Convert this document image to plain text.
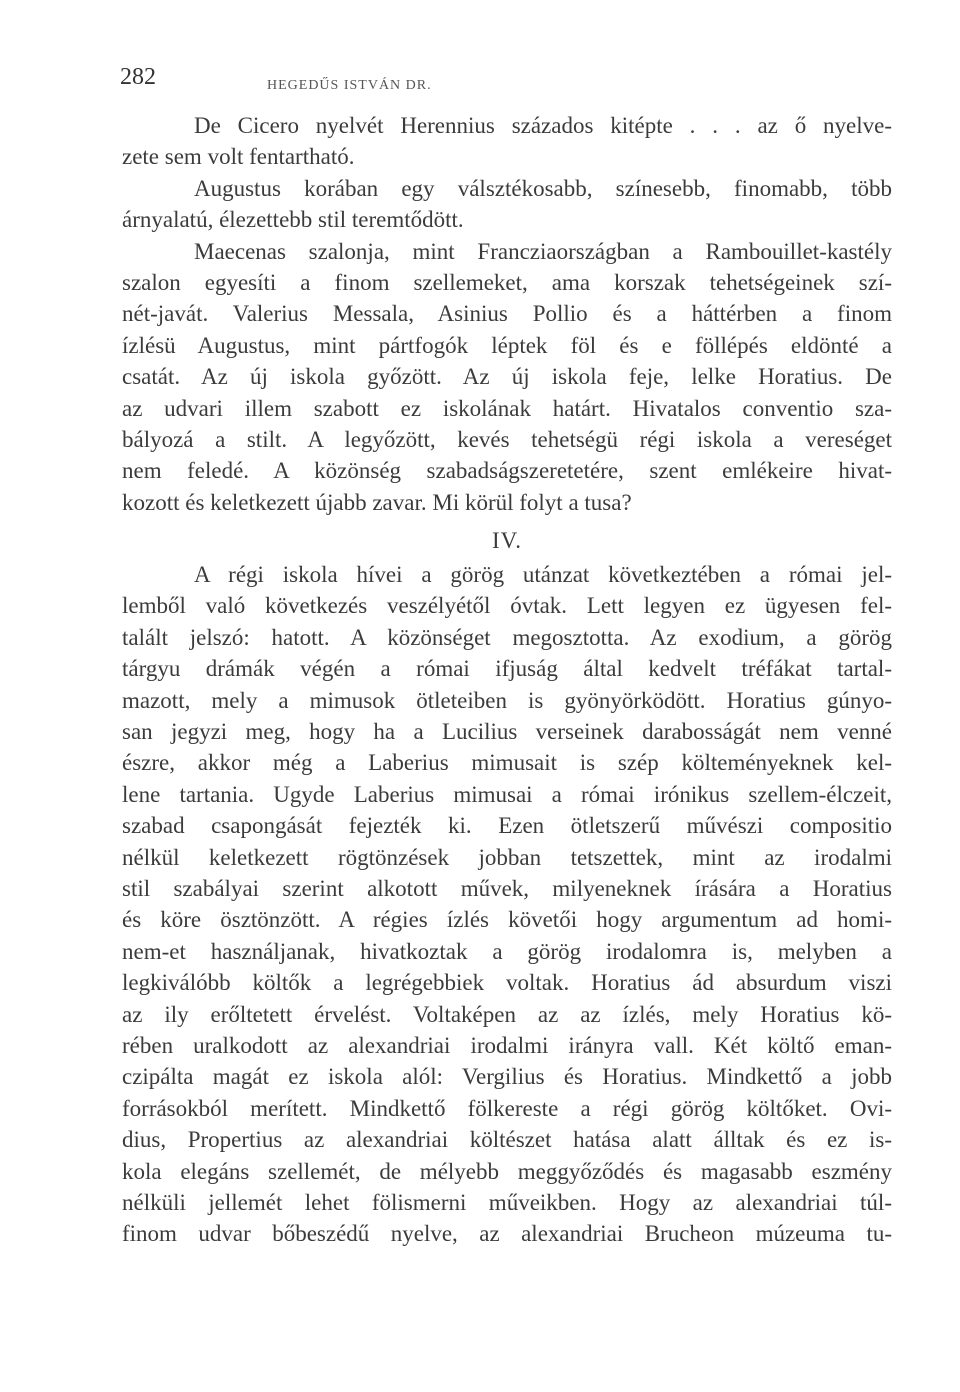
282	HEGEDŰS ISTVÁN DR.
De Cicero nyelvét Herennius százados kitépte . . . az ő nyelve-
zete sem volt fentartható.
Augustus korában egy válsztékosabb, színesebb, finomabb, több
árnyalatú, élezettebb stil teremtődött.
Maecenas szalonja, mint Francziaországban a Rambouillet-kastély
szalon egyesíti a finom szellemeket, ama korszak tehetségeinek szí-
nét-javát. Valerius Messala, Asinius Pollio és a háttérben a finom
ízlésü Augustus, mint pártfogók léptek föl és e föllépés eldönté a
csatát. Az új iskola győzött. Az új iskola feje, lelke Horatius. De
az udvari illem szabott ez iskolának határt. Hivatalos conventio sza-
bályozá a stilt. A legyőzött, kevés tehetségü régi iskola a vereséget
nem feledé. A közönség szabadságszeretetére, szent emlékeire hivat-
kozott és keletkezett újabb zavar. Mi körül folyt a tusa?
IV.
A régi iskola hívei a görög utánzat következtében a római jel-
lemből való következés veszélyétől óvtak. Lett legyen ez ügyesen fel-
talált jelszó: hatott. A közönséget megosztotta. Az exodium, a görög
tárgyu drámák végén a római ifjuság által kedvelt tréfákat tartal-
mazott, mely a mimusok ötleteiben is gyönyörködött. Horatius gúnyo-
san jegyzi meg, hogy ha a Lucilius verseinek darabosságát nem venné
észre, akkor még a Laberius mimusait is szép költeményeknek kel-
lene tartania. Ugyde Laberius mimusai a római irónikus szellem-élczeit,
szabad csapongását fejezték ki. Ezen ötletszerű művészi compositio
nélkül keletkezett rögtönzések jobban tetszettek, mint az irodalmi
stil szabályai szerint alkotott művek, milyeneknek írására a Horatius
és köre ösztönzött. A régies ízlés követői hogy argumentum ad homi-
nem-et használjanak, hivatkoztak a görög irodalomra is, melyben a
legkiválóbb költők a legrégebbiek voltak. Horatius ád absurdum viszi
az ily erőltetett érvelést. Voltaképen az az ízlés, mely Horatius kö-
rében uralkodott az alexandriai irodalmi irányra vall. Két költő eman-
czipálta magát ez iskola alól: Vergilius és Horatius. Mindkettő a jobb
forrásokból merített. Mindkettő fölkereste a régi görög költőket. Ovi-
dius, Propertius az alexandriai költészet hatása alatt álltak és ez is-
kola elegáns szellemét, de mélyebb meggyőződés és magasabb eszmény
nélküli jellemét lehet fölismerni műveikben. Hogy az alexandriai túl-
finom udvar bőbeszédű nyelve, az alexandriai Brucheon múzeuma tu-
